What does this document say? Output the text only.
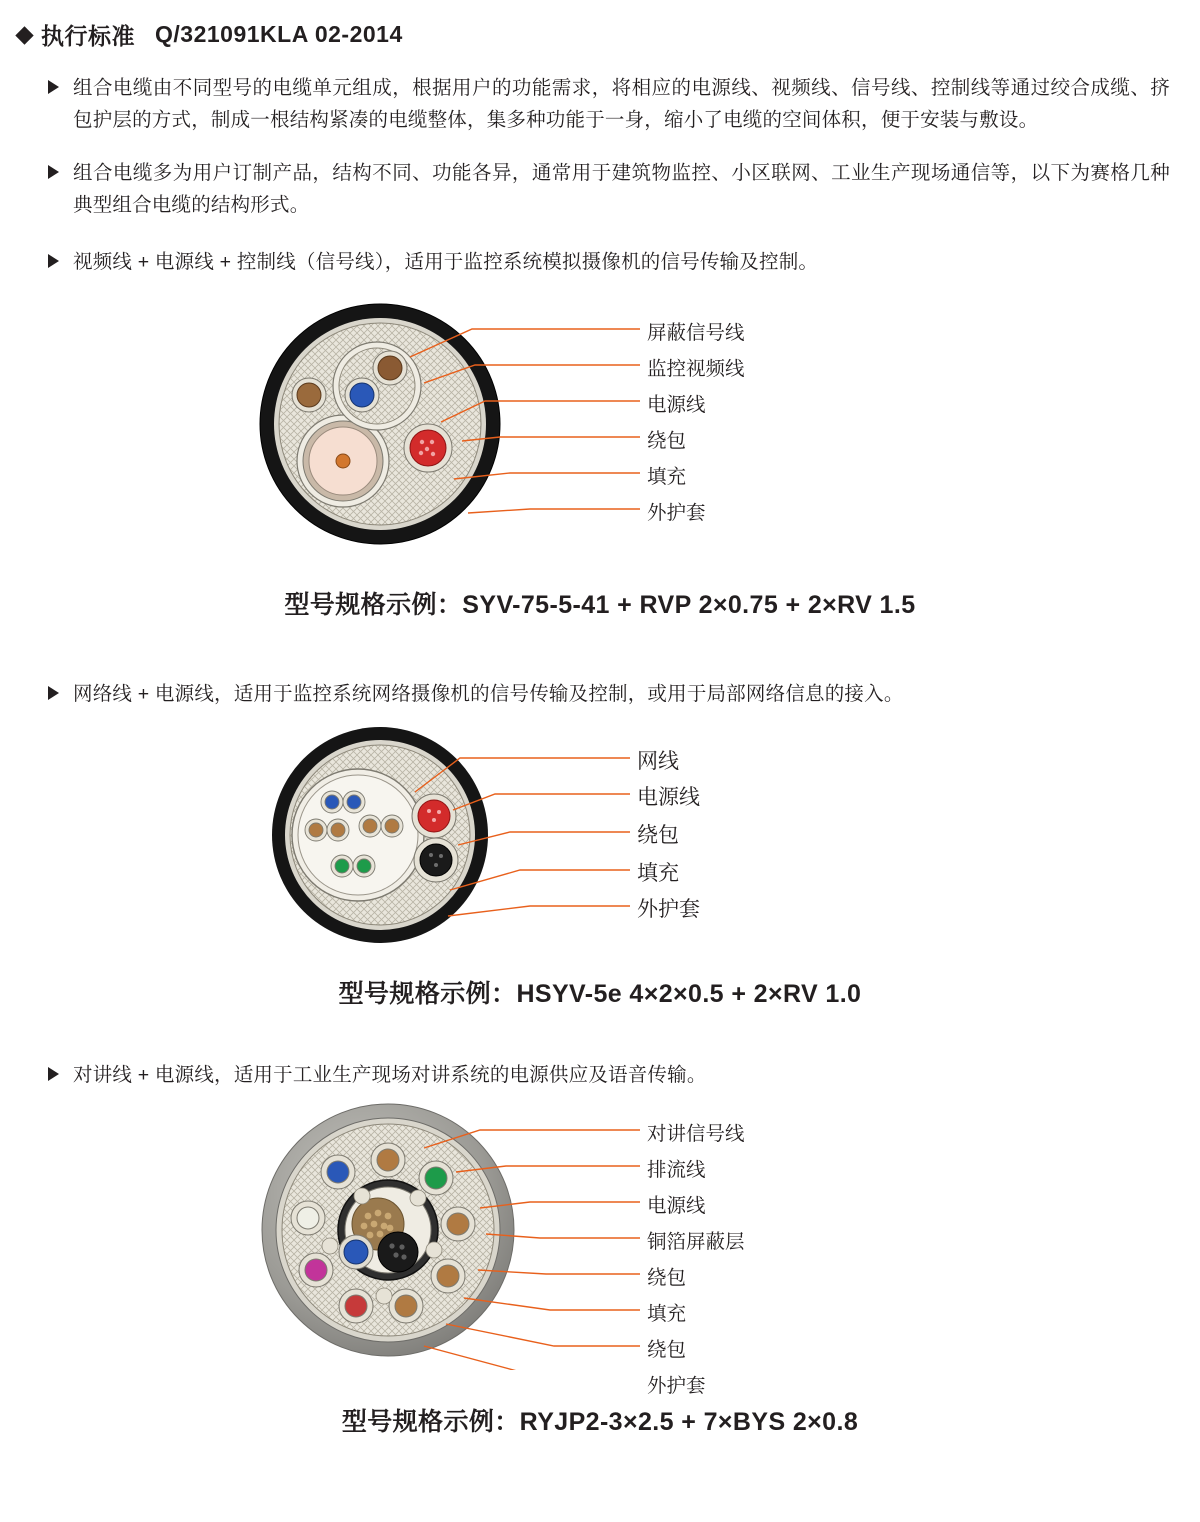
执行标准 Q/321091KLA 02-2014
组合电缆由不同型号的电缆单元组成，根据用户的功能需求，将相应的电源线、视频线、信号线、控制线等通过绞合成缆、挤包护层的方式，制成一根结构紧凑的电缆整体，集多种功能于一身，缩小了电缆的空间体积，便于安装与敷设。
组合电缆多为用户订制产品，结构不同、功能各异，通常用于建筑物监控、小区联网、工业生产现场通信等，以下为赛格几种典型组合电缆的结构形式。
视频线 + 电源线 + 控制线（信号线），适用于监控系统模拟摄像机的信号传输及控制。
屏蔽信号线
监控视频线
电源线
绕包
填充
外护套
型号规格示例：SYV-75-5-41 + RVP 2×0.75 + 2×RV 1.5
网络线 + 电源线，适用于监控系统网络摄像机的信号传输及控制，或用于局部网络信息的接入。
网线
电源线
绕包
填充
外护套
型号规格示例：HSYV-5e 4×2×0.5 + 2×RV 1.0
对讲线 + 电源线，适用于工业生产现场对讲系统的电源供应及语音传输。
对讲信号线
排流线
电源线
铜箔屏蔽层
绕包
填充
绕包
外护套
型号规格示例：RYJP2-3×2.5 + 7×BYS 2×0.8
